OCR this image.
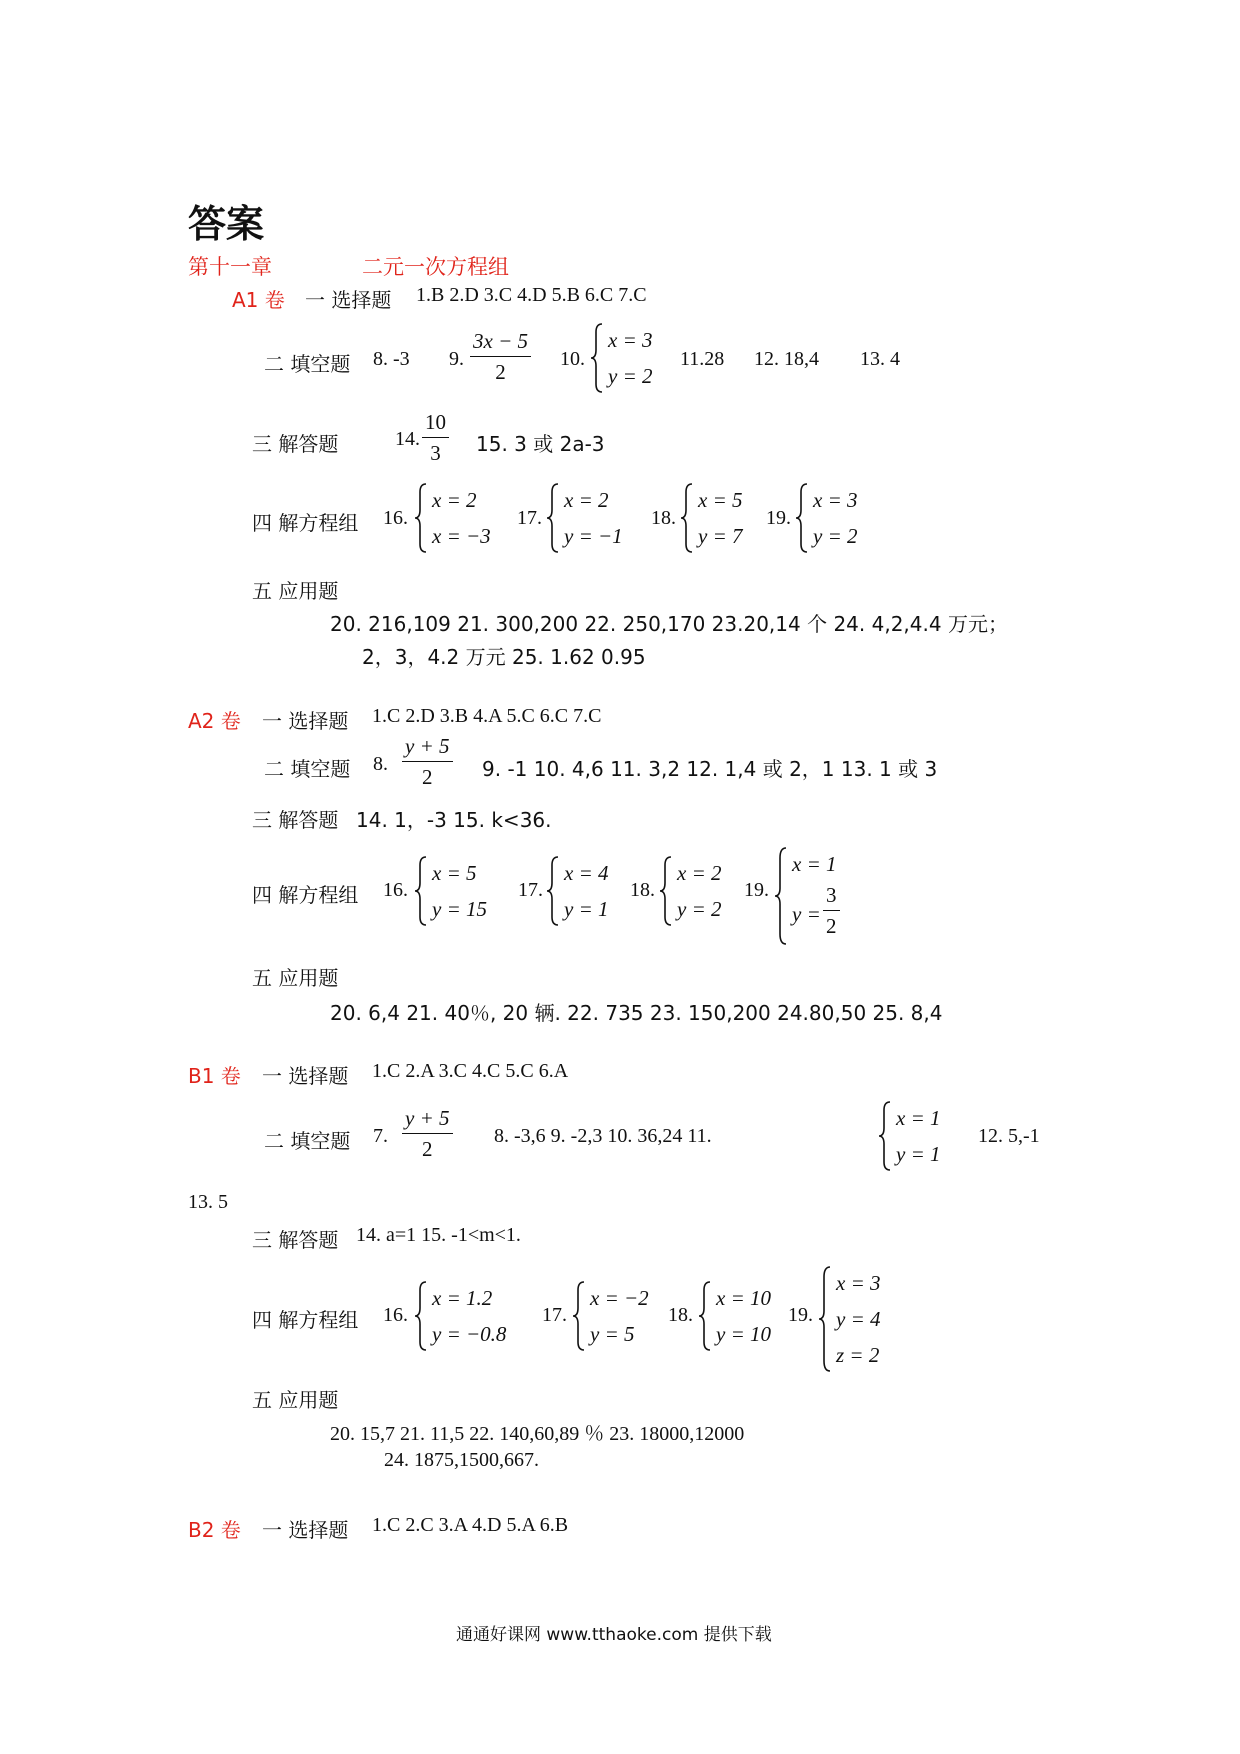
答案
第十一章	二元一次方程组
A1 卷 一 选择题 1.B 2.D 3.C 4.D 5.B 6.C 7.C
二 填空题 8. -3 9.
3x − 5
2
10.
x = 3
y = 2
11.28 12. 18,4 13. 4
三 解答题	14.
10
3 15. 3 或 2a-3
四 解方程组 16.
x = 2
x = −3
17.
x = 2
y = −1
18.
x = 5
y = 7
19.
x = 3
y = 2
五 应用题
20. 216,109 21. 300,200 22. 250,170 23.20,14 个 24. 4,2,4.4 万元；
2，3，4.2 万元 25. 1.62 0.95
A2 卷 一 选择题 1.C 2.D 3.B 4.A 5.C 6.C 7.C
二 填空题 8.
y + 5
2 9. -1 10. 4,6 11. 3,2 12. 1,4 或 2，1 13. 1 或 3
三 解答题 14. 1，-3 15. k<36.
四 解方程组 16.
x = 5
y = 15
17.
x = 4
y = 1
18.
x = 2
y = 2
19.
x = 1
y =
3
2
五 应用题
20. 6,4 21. 40％, 20 辆. 22. 735 23. 150,200 24.80,50 25. 8,4
B1 卷 一 选择题 1.C 2.A 3.C 4.C 5.C 6.A
二 填空题 7.
y + 5
2
8. -3,6 9. -2,3 10. 36,24 11.
x = 1
y = 1
12. 5,-1
13. 5
三 解答题 14. a=1 15. -1<m<1.
四 解方程组 16.
x = 1.2
y = −0.8
17.
x = −2
y = 5
18.
x = 10
y = 10
19.
x = 3
y = 4
z = 2
五 应用题
20. 15,7 21. 11,5 22. 140,60,89 ％ 23. 18000,12000
24. 1875,1500,667.
B2 卷 一 选择题 1.C 2.C 3.A 4.D 5.A 6.B
通通好课网 www.tthaoke.com 提供下载
